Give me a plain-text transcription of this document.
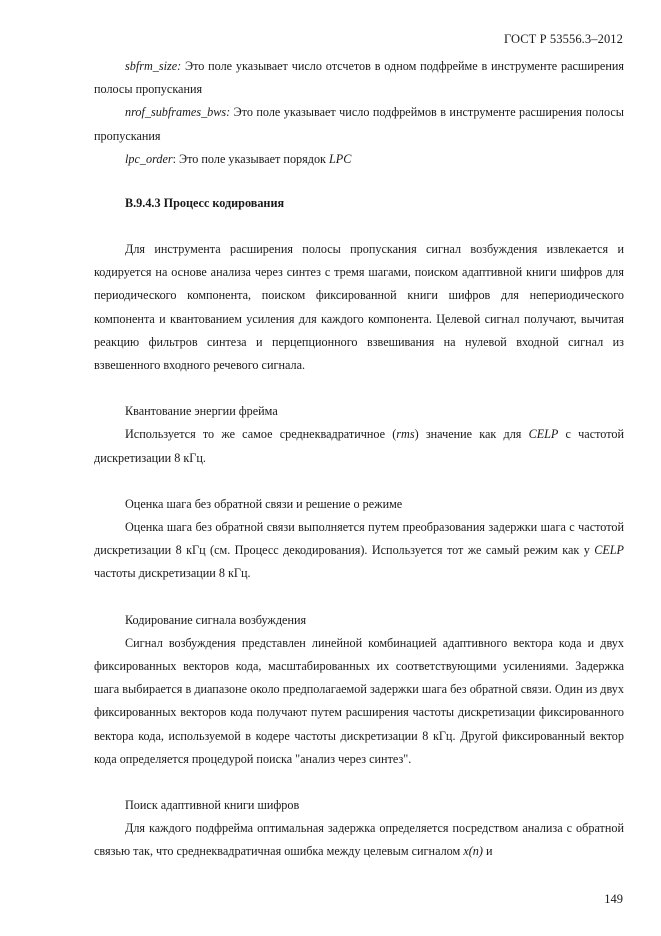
ГОСТ Р 53556.3–2012

sbfrm_size: Это поле указывает число отсчетов в одном подфрейме в инструменте расширения полосы пропускания

nrof_subframes_bws: Это поле указывает число подфреймов в инструменте расширения полосы пропускания

lpc_order: Это поле указывает порядок LPC

В.9.4.3 Процесс кодирования

Для инструмента расширения полосы пропускания сигнал возбуждения извлекается и кодируется на основе анализа через синтез с тремя шагами, поиском адаптивной книги шифров для периодического компонента, поиском фиксированной книги шифров для непериодического компонента и квантованием усиления для каждого компонента. Целевой сигнал получают, вычитая реакцию фильтров синтеза и перцепционного взвешивания на нулевой входной сигнал из взвешенного входного речевого сигнала.

Квантование энергии фрейма

Используется то же самое среднеквадратичное (rms) значение как для CELP с частотой дискретизации 8 кГц.

Оценка шага без обратной связи и решение о режиме

Оценка шага без обратной связи выполняется путем преобразования задержки шага с частотой дискретизации 8 кГц (см. Процесс декодирования). Используется тот же самый режим как у CELP частоты дискретизации 8 кГц.

Кодирование сигнала возбуждения

Сигнал возбуждения представлен линейной комбинацией адаптивного вектора кода и двух фиксированных векторов кода, масштабированных их соответствующими усилениями. Задержка шага выбирается в диапазоне около предполагаемой задержки шага без обратной связи. Один из двух фиксированных векторов кода получают путем расширения частоты дискретизации фиксированного вектора кода, используемой в кодере частоты дискретизации 8 кГц. Другой фиксированный вектор кода определяется процедурой поиска "анализ через синтез".

Поиск адаптивной книги шифров

Для каждого подфрейма оптимальная задержка определяется посредством анализа с обратной связью так, что среднеквадратичная ошибка между целевым сигналом x(n) и

149
